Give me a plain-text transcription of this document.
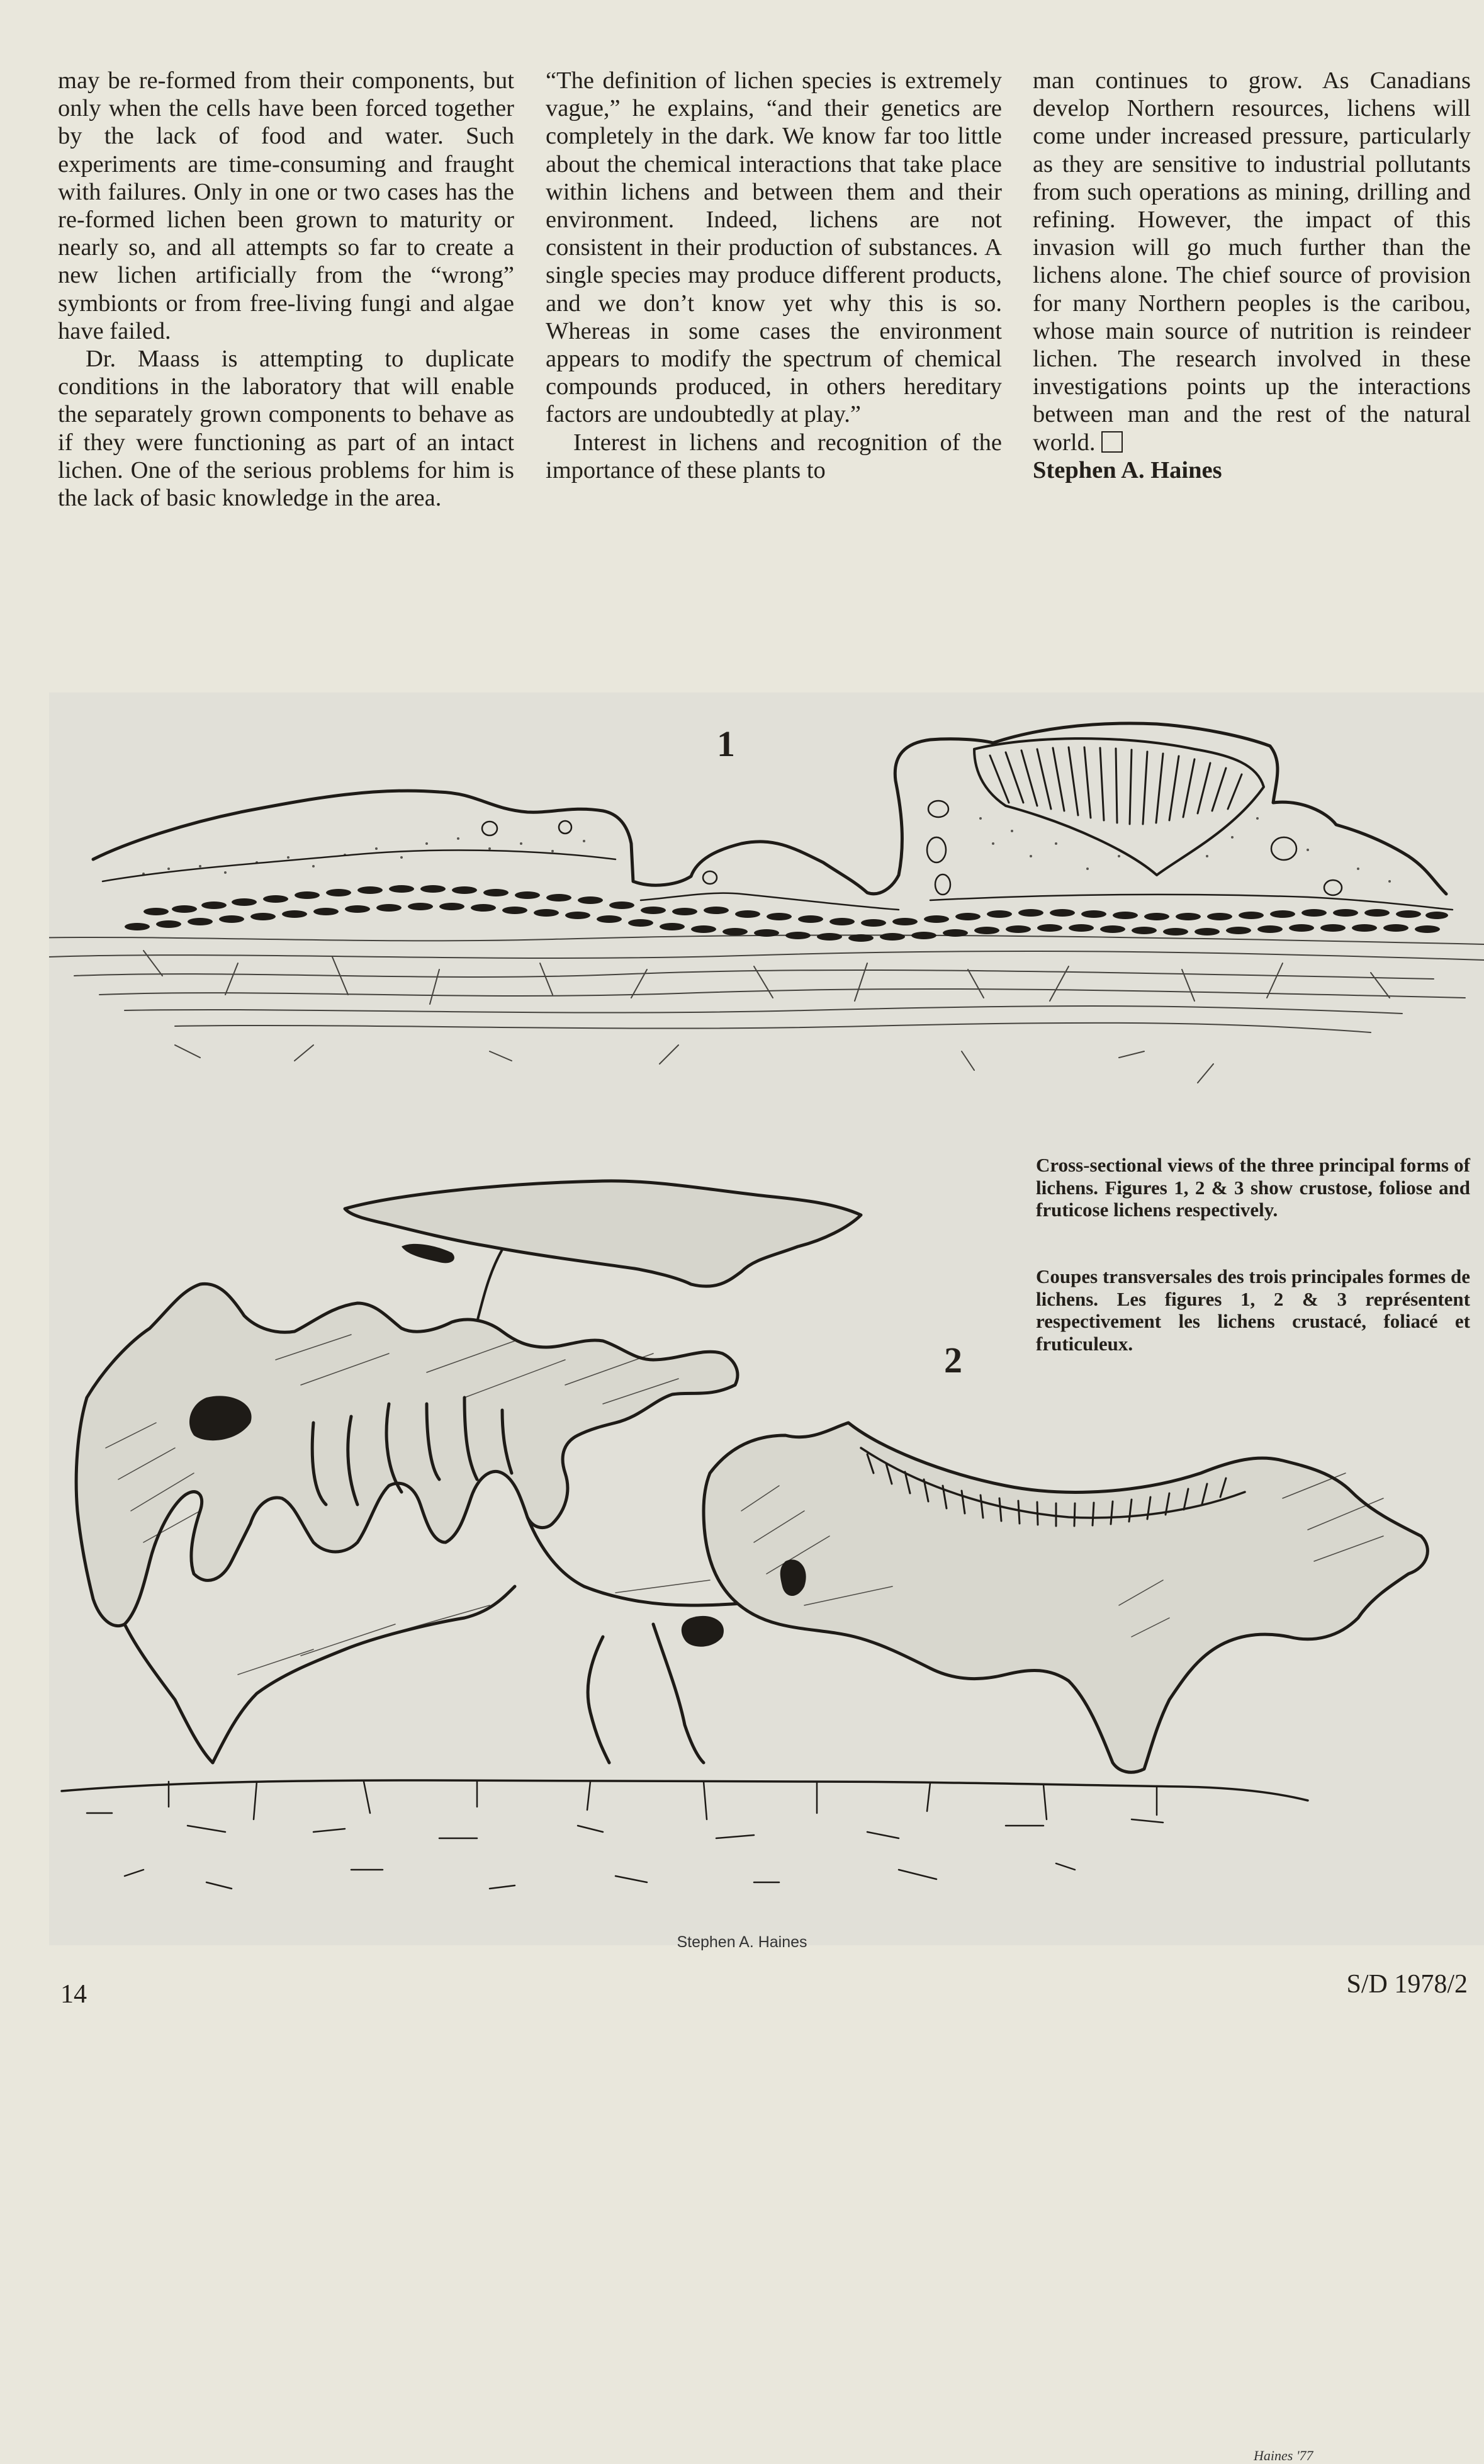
may be re-formed from their components, but only when the cells have been forced together by the lack of food and water. Such experiments are time-consuming and fraught with failures. Only in one or two cases has the re-formed lichen been grown to maturity or nearly so, and all attempts so far to create a new lichen artificially from the “wrong” symbionts or from free-living fungi and algae have failed.

Dr. Maass is attempting to duplicate conditions in the laboratory that will enable the separately grown components to behave as if they were functioning as part of an intact lichen. One of the serious problems for him is the lack of basic knowledge in the area.

“The definition of lichen species is extremely vague,” he explains, “and their genetics are completely in the dark. We know far too little about the chemical interactions that take place within lichens and between them and their environment. Indeed, lichens are not consistent in their production of substances. A single species may produce different products, and we don’t know yet why this is so. Whereas in some cases the environment appears to modify the spectrum of chemical compounds produced, in others hereditary factors are undoubtedly at play.”

Interest in lichens and recognition of the importance of these plants to

man continues to grow. As Canadians develop Northern resources, lichens will come under increased pressure, particularly as they are sensitive to industrial pollutants from such operations as mining, drilling and refining. However, the impact of this invasion will go much further than the lichens alone. The chief source of provision for many Northern peoples is the caribou, whose main source of nutrition is reindeer lichen. The research involved in these investigations points up the interactions between man and the rest of the natural world.

Stephen A. Haines

Haines '77
1
2
Cross-sectional views of the three principal forms of lichens. Figures 1, 2 & 3 show crustose, foliose and fruticose lichens respectively.
Coupes transversales des trois principales formes de lichens. Les figures 1, 2 & 3 représentent respectivement les lichens crustacé, foliacé et fruticuleux.
Stephen A. Haines
14	S/D 1978/2
